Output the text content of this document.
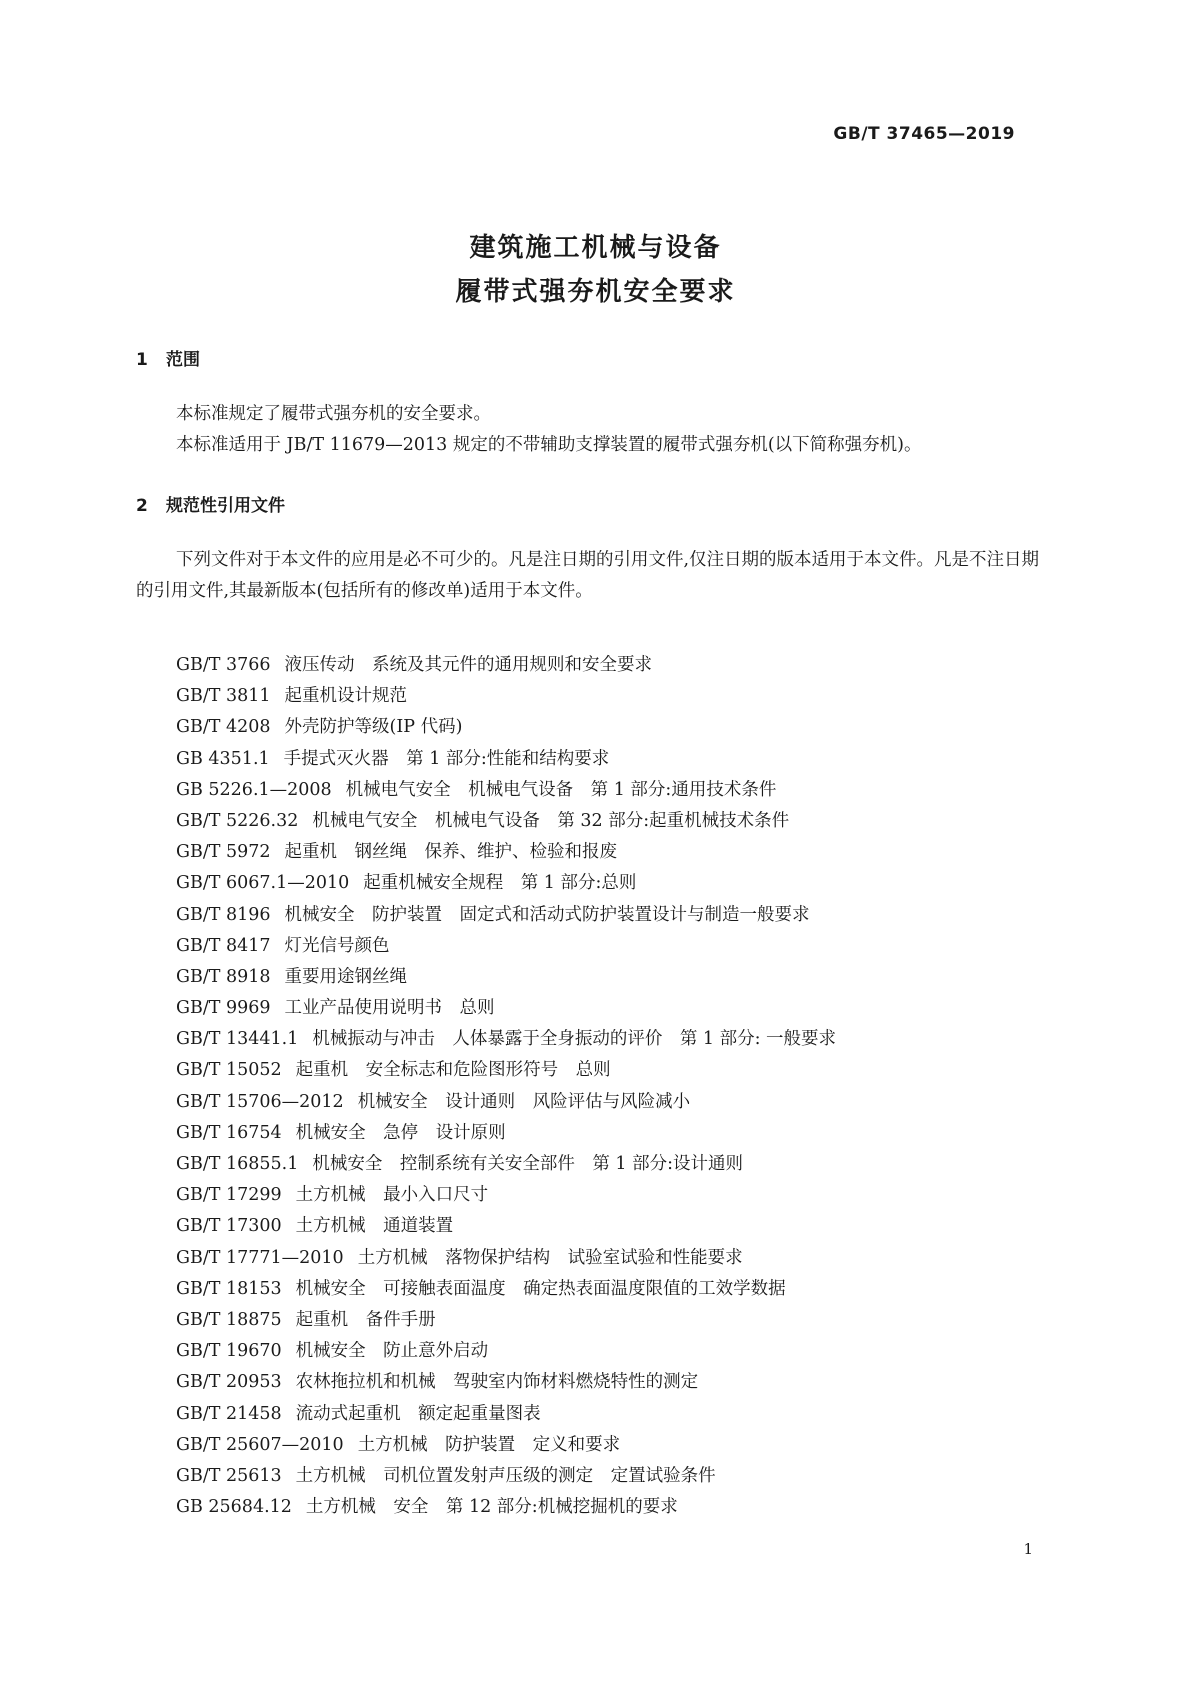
GB/T 37465—2019
建筑施工机械与设备
履带式强夯机安全要求
1 范围

本标准规定了履带式强夯机的安全要求。

本标准适用于 JB/T 11679—2013 规定的不带辅助支撑装置的履带式强夯机(以下简称强夯机)。

2 规范性引用文件

下列文件对于本文件的应用是必不可少的。凡是注日期的引用文件,仅注日期的版本适用于本文件。凡是不注日期的引用文件,其最新版本(包括所有的修改单)适用于本文件。

GB/T 3766 液压传动　系统及其元件的通用规则和安全要求
GB/T 3811 起重机设计规范
GB/T 4208 外壳防护等级(IP 代码)
GB 4351.1 手提式灭火器　第 1 部分:性能和结构要求
GB 5226.1—2008 机械电气安全　机械电气设备　第 1 部分:通用技术条件
GB/T 5226.32 机械电气安全　机械电气设备　第 32 部分:起重机械技术条件
GB/T 5972 起重机　钢丝绳　保养、维护、检验和报废
GB/T 6067.1—2010 起重机械安全规程　第 1 部分:总则
GB/T 8196 机械安全　防护装置　固定式和活动式防护装置设计与制造一般要求
GB/T 8417 灯光信号颜色
GB/T 8918 重要用途钢丝绳
GB/T 9969 工业产品使用说明书　总则
GB/T 13441.1 机械振动与冲击　人体暴露于全身振动的评价　第 1 部分: 一般要求
GB/T 15052 起重机　安全标志和危险图形符号　总则
GB/T 15706—2012 机械安全　设计通则　风险评估与风险减小
GB/T 16754 机械安全　急停　设计原则
GB/T 16855.1 机械安全　控制系统有关安全部件　第 1 部分:设计通则
GB/T 17299 土方机械　最小入口尺寸
GB/T 17300 土方机械　通道装置
GB/T 17771—2010 土方机械　落物保护结构　试验室试验和性能要求
GB/T 18153 机械安全　可接触表面温度　确定热表面温度限值的工效学数据
GB/T 18875 起重机　备件手册
GB/T 19670 机械安全　防止意外启动
GB/T 20953 农林拖拉机和机械　驾驶室内饰材料燃烧特性的测定
GB/T 21458 流动式起重机　额定起重量图表
GB/T 25607—2010 土方机械　防护装置　定义和要求
GB/T 25613 土方机械　司机位置发射声压级的测定　定置试验条件
GB 25684.12 土方机械　安全　第 12 部分:机械挖掘机的要求
1
